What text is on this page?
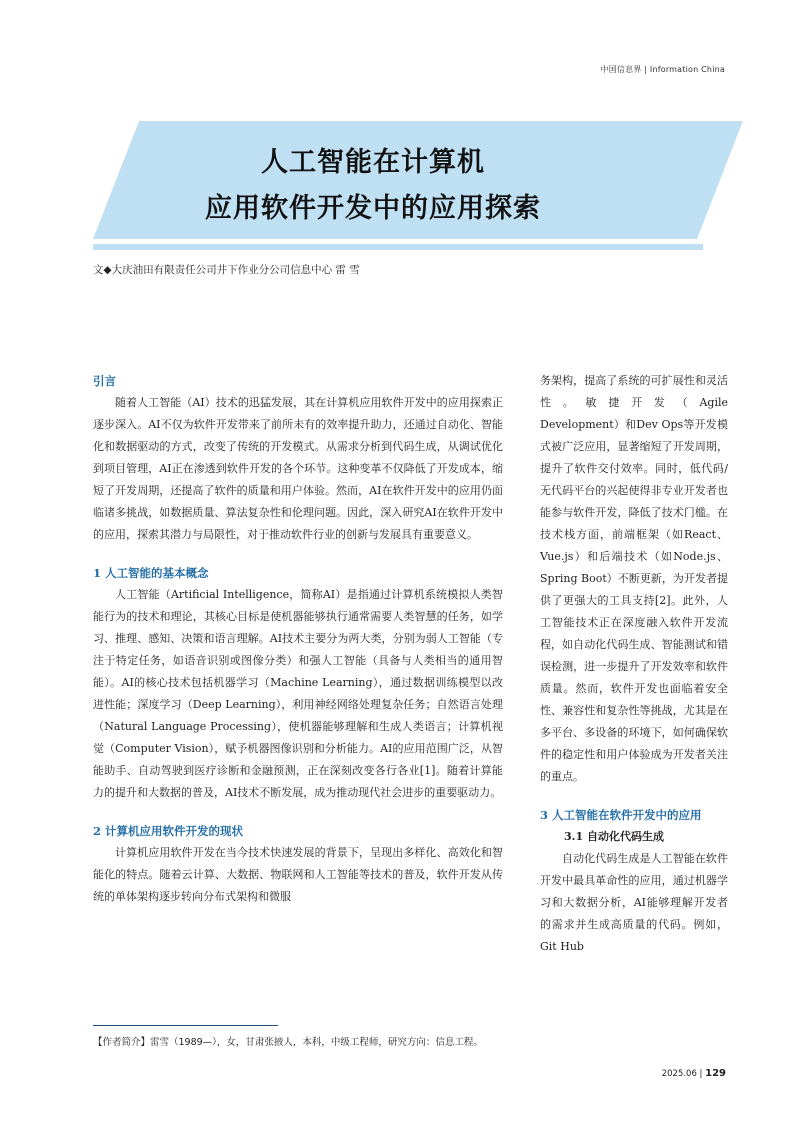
中国信息界 | Information China
人工智能在计算机
应用软件开发中的应用探索
文◆大庆油田有限责任公司井下作业分公司信息中心 雷 雪
引言

随着人工智能（AI）技术的迅猛发展，其在计算机应用软件开发中的应用探索正逐步深入。AI不仅为软件开发带来了前所未有的效率提升助力，还通过自动化、智能化和数据驱动的方式，改变了传统的开发模式。从需求分析到代码生成，从调试优化到项目管理，AI正在渗透到软件开发的各个环节。这种变革不仅降低了开发成本，缩短了开发周期，还提高了软件的质量和用户体验。然而，AI在软件开发中的应用仍面临诸多挑战，如数据质量、算法复杂性和伦理问题。因此，深入研究AI在软件开发中的应用，探索其潜力与局限性，对于推动软件行业的创新与发展具有重要意义。

1 人工智能的基本概念

人工智能（Artificial Intelligence，简称AI）是指通过计算机系统模拟人类智能行为的技术和理论，其核心目标是使机器能够执行通常需要人类智慧的任务，如学习、推理、感知、决策和语言理解。AI技术主要分为两大类，分别为弱人工智能（专注于特定任务，如语音识别或图像分类）和强人工智能（具备与人类相当的通用智能）。AI的核心技术包括机器学习（Machine Learning），通过数据训练模型以改进性能；深度学习（Deep Learning），利用神经网络处理复杂任务；自然语言处理（Natural Language Processing），使机器能够理解和生成人类语言；计算机视觉（Computer Vision），赋予机器图像识别和分析能力。AI的应用范围广泛，从智能助手、自动驾驶到医疗诊断和金融预测，正在深刻改变各行各业[1]。随着计算能力的提升和大数据的普及，AI技术不断发展，成为推动现代社会进步的重要驱动力。

2 计算机应用软件开发的现状

计算机应用软件开发在当今技术快速发展的背景下，呈现出多样化、高效化和智能化的特点。随着云计算、大数据、物联网和人工智能等技术的普及，软件开发从传统的单体架构逐步转向分布式架构和微服

务架构，提高了系统的可扩展性和灵活性。敏捷开发（Agile Development）和Dev Ops等开发模式被广泛应用，显著缩短了开发周期，提升了软件交付效率。同时，低代码/无代码平台的兴起使得非专业开发者也能参与软件开发，降低了技术门槛。在技术栈方面，前端框架（如React、Vue.js）和后端技术（如Node.js、Spring Boot）不断更新，为开发者提供了更强大的工具支持[2]。此外，人工智能技术正在深度融入软件开发流程，如自动化代码生成、智能测试和错误检测，进一步提升了开发效率和软件质量。然而，软件开发也面临着安全性、兼容性和复杂性等挑战，尤其是在多平台、多设备的环境下，如何确保软件的稳定性和用户体验成为开发者关注的重点。

3 人工智能在软件开发中的应用
3.1 自动化代码生成

自动化代码生成是人工智能在软件开发中最具革命性的应用，通过机器学习和大数据分析，AI能够理解开发者的需求并生成高质量的代码。例如，Git Hub

【作者简介】雷雪（1989—），女，甘肃张掖人，本科，中级工程师，研究方向：信息工程。
2025.06 | 129
